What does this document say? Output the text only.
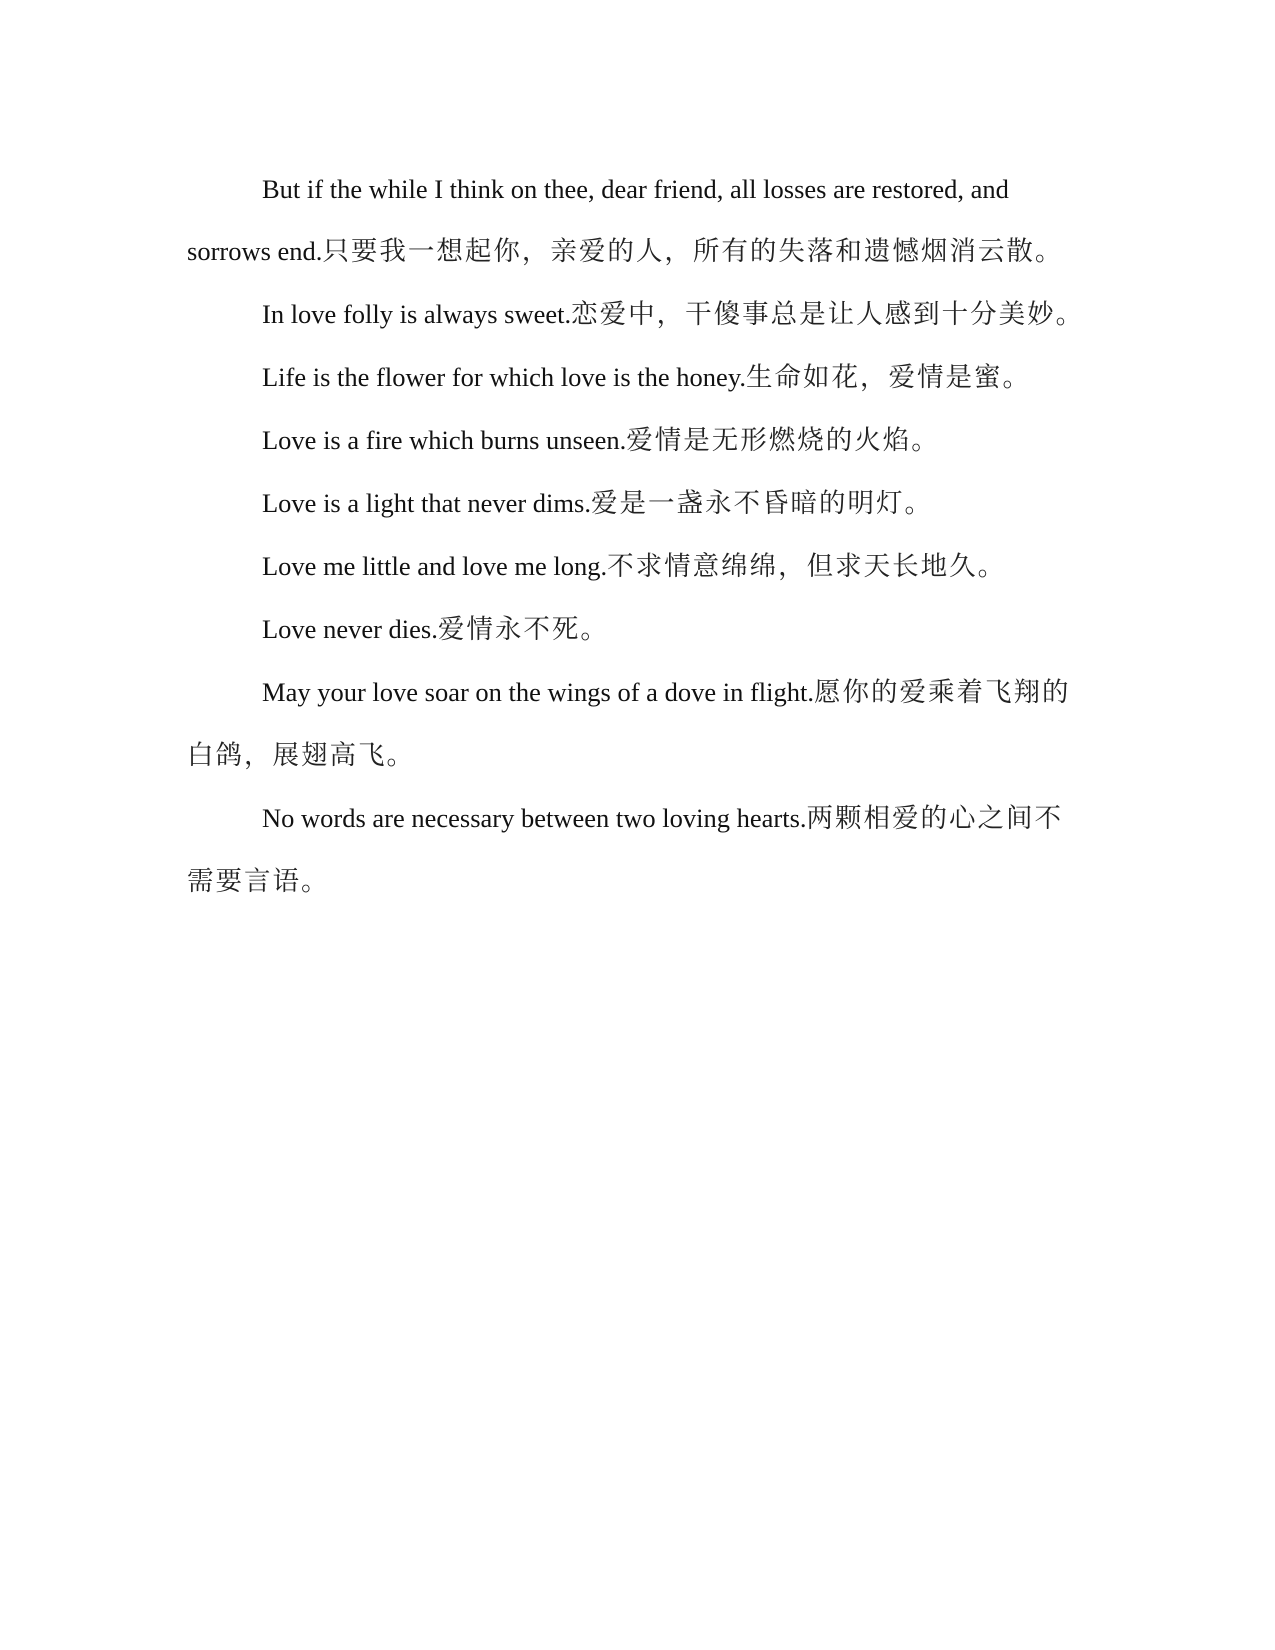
But if the while I think on thee, dear friend, all losses are restored, and sorrows end.只要我一想起你，亲爱的人，所有的失落和遗憾烟消云散。

In love folly is always sweet.恋爱中，干傻事总是让人感到十分美妙。

Life is the flower for which love is the honey.生命如花，爱情是蜜。

Love is a fire which burns unseen.爱情是无形燃烧的火焰。

Love is a light that never dims.爱是一盏永不昏暗的明灯。

Love me little and love me long.不求情意绵绵，但求天长地久。

Love never dies.爱情永不死。

May your love soar on the wings of a dove in flight.愿你的爱乘着飞翔的白鸽，展翅高飞。

No words are necessary between two loving hearts.两颗相爱的心之间不需要言语。
